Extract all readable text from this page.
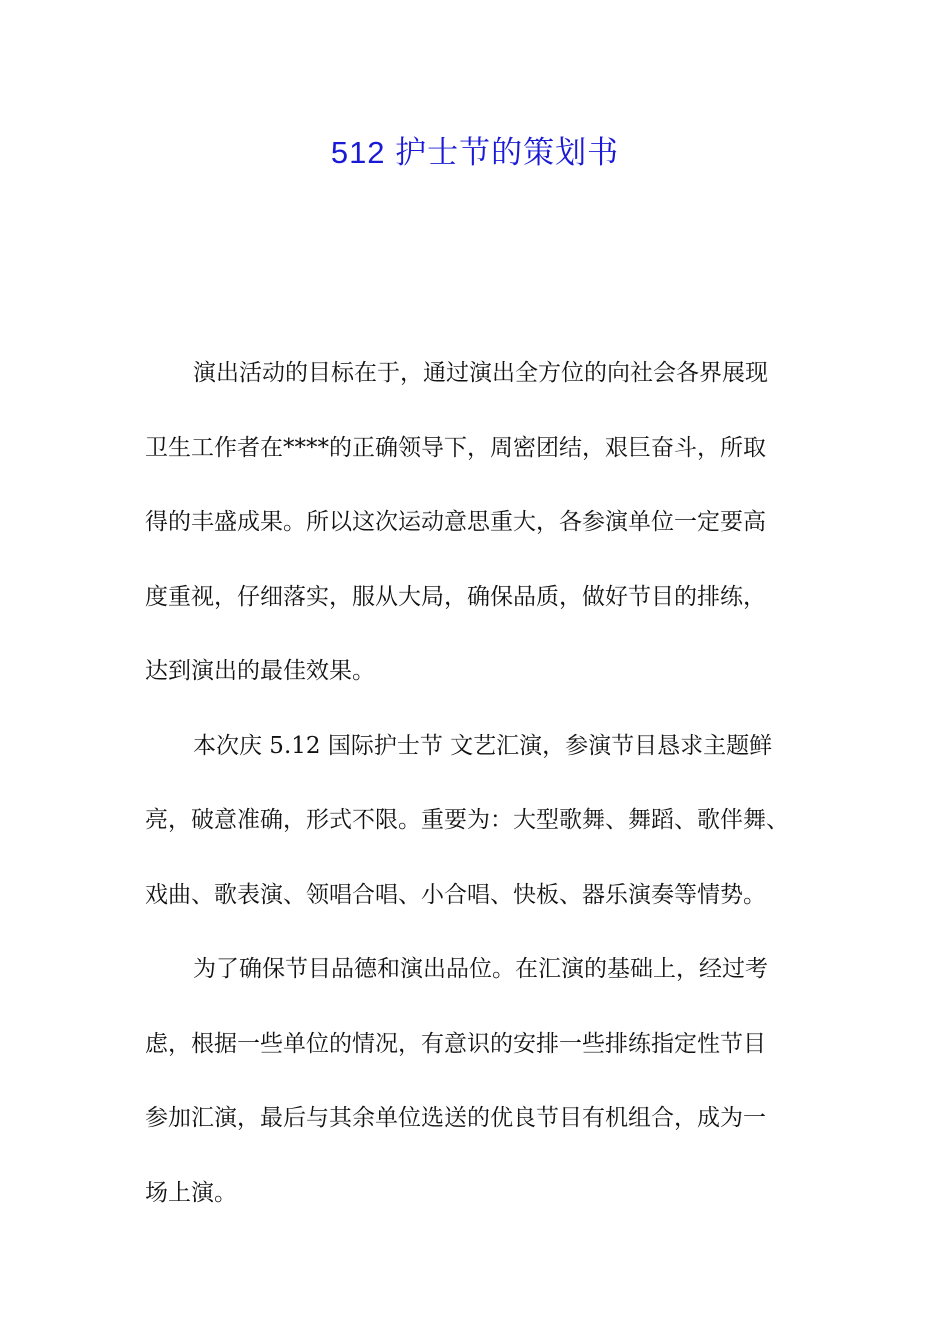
512 护士节的策划书
演出活动的目标在于，通过演出全方位的向社会各界展现
卫生工作者在****的正确领导下，周密团结，艰巨奋斗，所取
得的丰盛成果。所以这次运动意思重大，各参演单位一定要高
度重视，仔细落实，服从大局，确保品质，做好节目的排练，
达到演出的最佳效果。
本次庆 5.12 国际护士节 文艺汇演，参演节目恳求主题鲜
亮，破意准确，形式不限。重要为：大型歌舞、舞蹈、歌伴舞、
戏曲、歌表演、领唱合唱、小合唱、快板、器乐演奏等情势。
为了确保节目品德和演出品位。在汇演的基础上，经过考
虑，根据一些单位的情况，有意识的安排一些排练指定性节目
参加汇演，最后与其余单位选送的优良节目有机组合，成为一
场上演。
